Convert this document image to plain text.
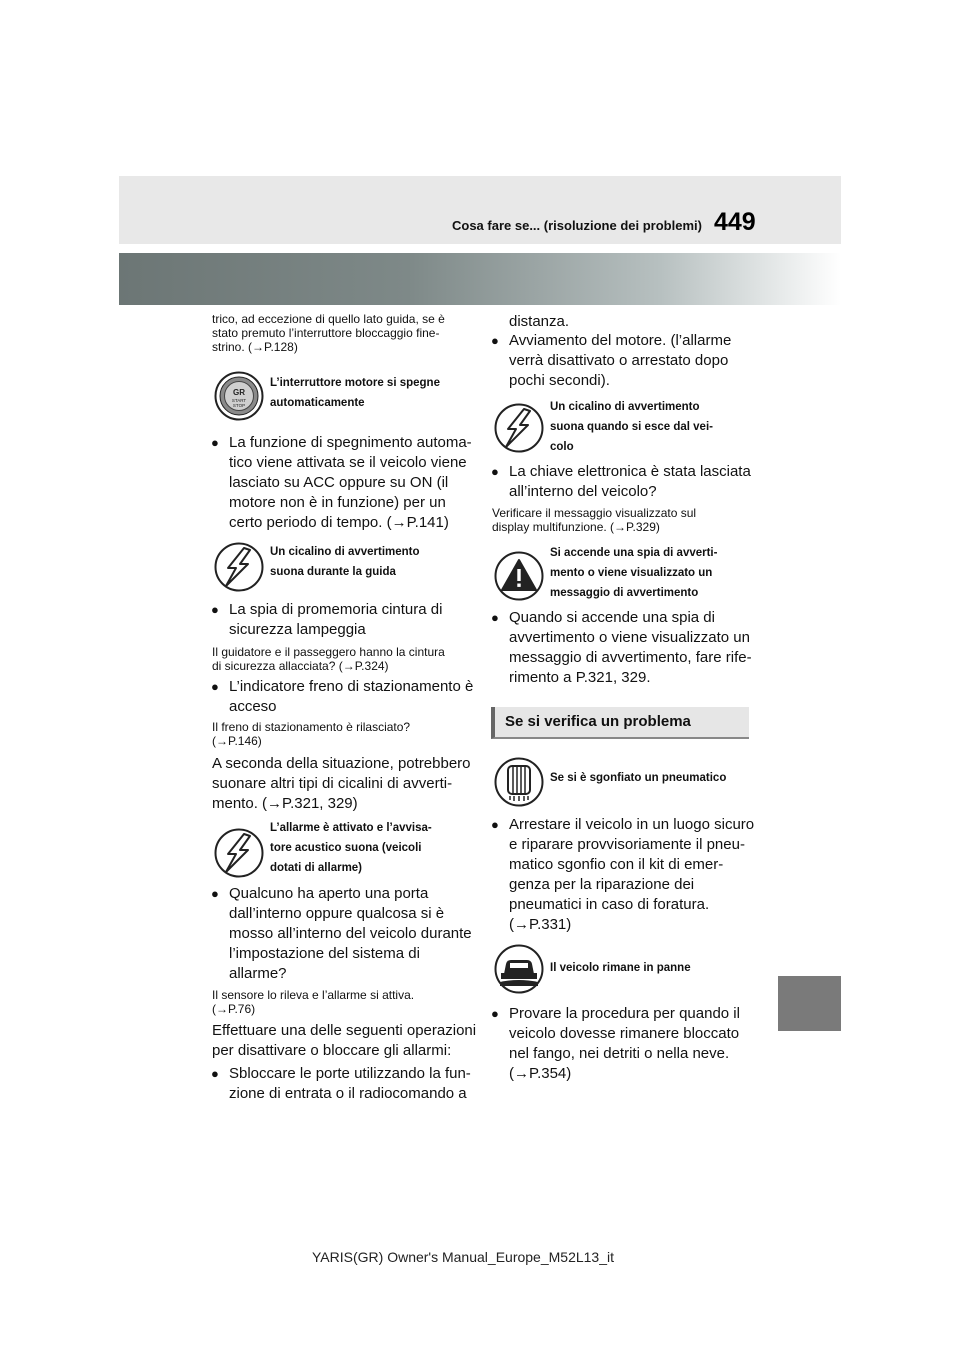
Cosa fare se... (risoluzione dei problemi) 449
trico, ad eccezione di quello lato guida, se è
stato premuto l’interruttore bloccaggio fine-
strino. (→P.128)
GR
START
STOP
L’interruttore motore si spegne
automaticamente
● La funzione di spegnimento automa-
tico viene attivata se il veicolo viene
lasciato su ACC oppure su ON (il
motore non è in funzione) per un
certo periodo di tempo. (→P.141)
Un cicalino di avvertimento
suona durante la guida
● La spia di promemoria cintura di
sicurezza lampeggia
Il guidatore e il passeggero hanno la cintura
di sicurezza allacciata? (→P.324)
● L’indicatore freno di stazionamento è
acceso
Il freno di stazionamento è rilasciato?
(→P.146)
A seconda della situazione, potrebbero
suonare altri tipi di cicalini di avverti-
mento. (→P.321, 329)
L’allarme è attivato e l’avvisa-
tore acustico suona (veicoli
dotati di allarme)
● Qualcuno ha aperto una porta
dall’interno oppure qualcosa si è
mosso all’interno del veicolo durante
l’impostazione del sistema di
allarme?
Il sensore lo rileva e l’allarme si attiva.
(→P.76)
Effettuare una delle seguenti operazioni
per disattivare o bloccare gli allarmi:
● Sbloccare le porte utilizzando la fun-
zione di entrata o il radiocomando a
distanza.
● Avviamento del motore. (l’allarme
verrà disattivato o arrestato dopo
pochi secondi).
Un cicalino di avvertimento
suona quando si esce dal vei-
colo
● La chiave elettronica è stata lasciata
all’interno del veicolo?
Verificare il messaggio visualizzato sul
display multifunzione. (→P.329)
Si accende una spia di avverti-
mento o viene visualizzato un
messaggio di avvertimento
● Quando si accende una spia di
avvertimento o viene visualizzato un
messaggio di avvertimento, fare rife-
rimento a P.321, 329.
Se si verifica un problema
Se si è sgonfiato un pneumatico
● Arrestare il veicolo in un luogo sicuro
e riparare provvisoriamente il pneu-
matico sgonfio con il kit di emer-
genza per la riparazione dei
pneumatici in caso di foratura.
(→P.331)
Il veicolo rimane in panne
● Provare la procedura per quando il
veicolo dovesse rimanere bloccato
nel fango, nei detriti o nella neve.
(→P.354)
YARIS(GR) Owner's Manual_Europe_M52L13_it
